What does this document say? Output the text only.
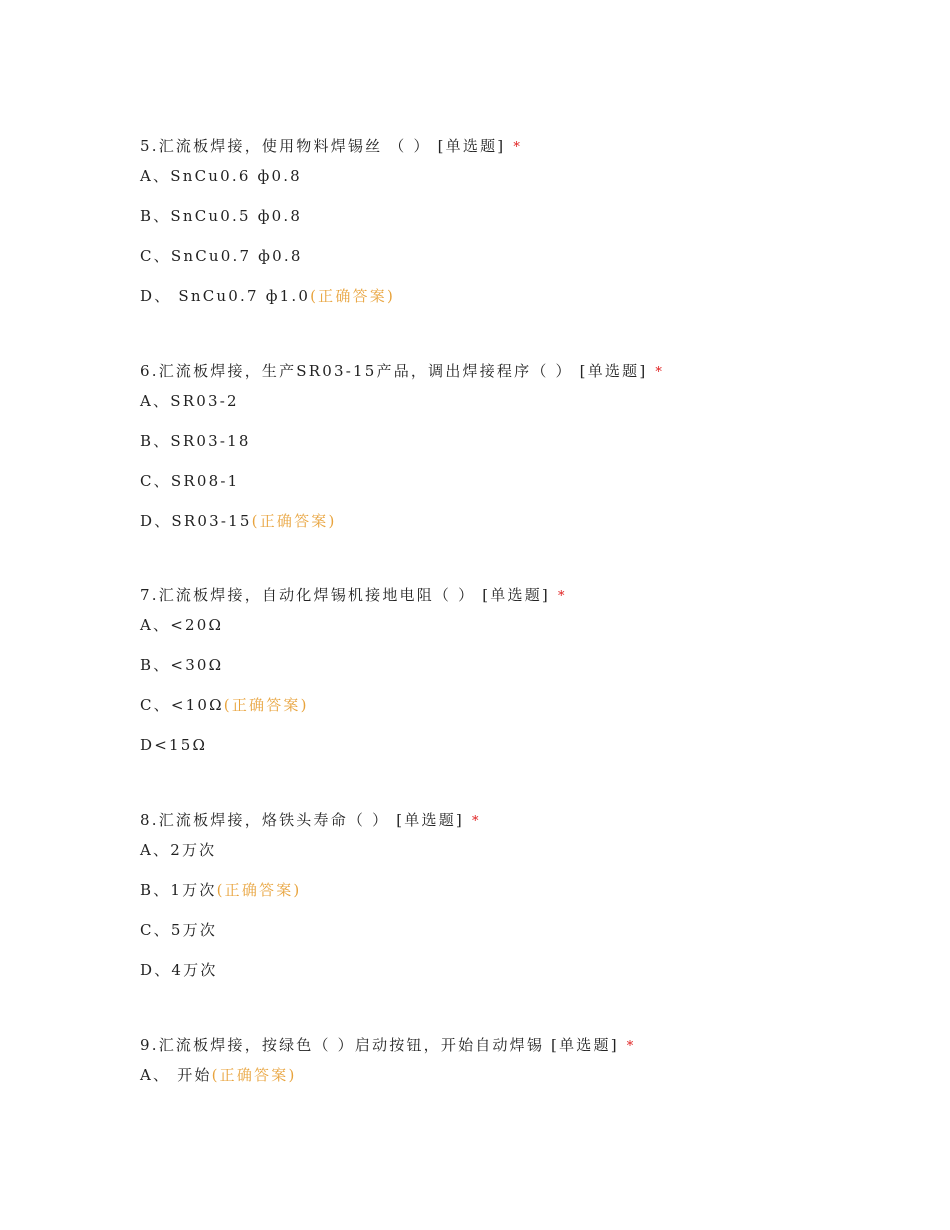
5.汇流板焊接，使用物料焊锡丝 （ ） [单选题] *
A、SnCu0.6 ф0.8
B、SnCu0.5 ф0.8
C、SnCu0.7 ф0.8
D、 SnCu0.7 ф1.0(正确答案)
6.汇流板焊接，生产SR03-15产品，调出焊接程序（ ） [单选题] *
A、SR03-2
B、SR03-18
C、SR08-1
D、SR03-15(正确答案)
7.汇流板焊接，自动化焊锡机接地电阻（ ） [单选题] *
A、<20Ω
B、<30Ω
C、<10Ω(正确答案)
D<15Ω
8.汇流板焊接，烙铁头寿命（ ） [单选题] *
A、2万次
B、1万次(正确答案)
C、5万次
D、4万次
9.汇流板焊接，按绿色（ ）启动按钮，开始自动焊锡 [单选题] *
A、 开始(正确答案)
